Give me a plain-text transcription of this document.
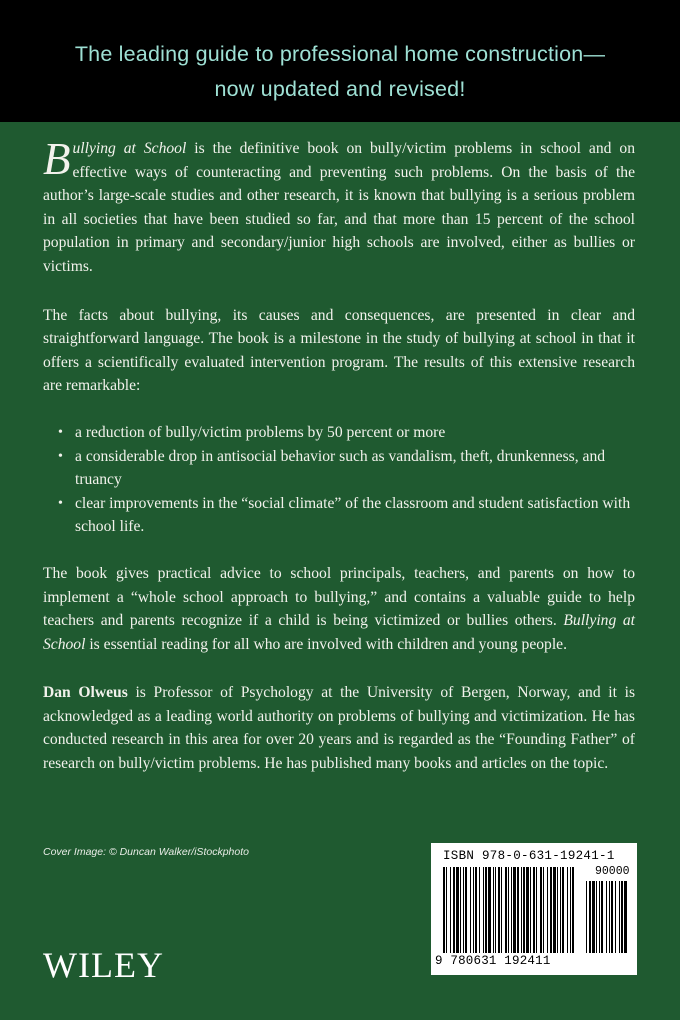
The leading guide to professional home construction—
now updated and revised!

Bullying at School is the definitive book on bully/victim problems in school and on effective ways of counteracting and preventing such problems. On the basis of the author’s large-scale studies and other research, it is known that bullying is a serious problem in all societies that have been studied so far, and that more than 15 percent of the school population in primary and secondary/junior high schools are involved, either as bullies or victims.

The facts about bullying, its causes and consequences, are presented in clear and straightforward language. The book is a milestone in the study of bullying at school in that it offers a scientifically evaluated intervention program. The results of this extensive research are remarkable:

• a reduction of bully/victim problems by 50 percent or more
• a considerable drop in antisocial behavior such as vandalism, theft, drunkenness, and truancy
• clear improvements in the “social climate” of the classroom and student satisfaction with school life.

The book gives practical advice to school principals, teachers, and parents on how to implement a “whole school approach to bullying,” and contains a valuable guide to help teachers and parents recognize if a child is being victimized or bullies others. Bullying at School is essential reading for all who are involved with children and young people.

Dan Olweus is Professor of Psychology at the University of Bergen, Norway, and it is acknowledged as a leading world authority on problems of bullying and victimization. He has conducted research in this area for over 20 years and is regarded as the “Founding Father” of research on bully/victim problems. He has published many books and articles on the topic.

Cover Image: © Duncan Walker/iStockphoto
WILEY
ISBN 978-0-631-19241-1
90000
9 780631 192411
